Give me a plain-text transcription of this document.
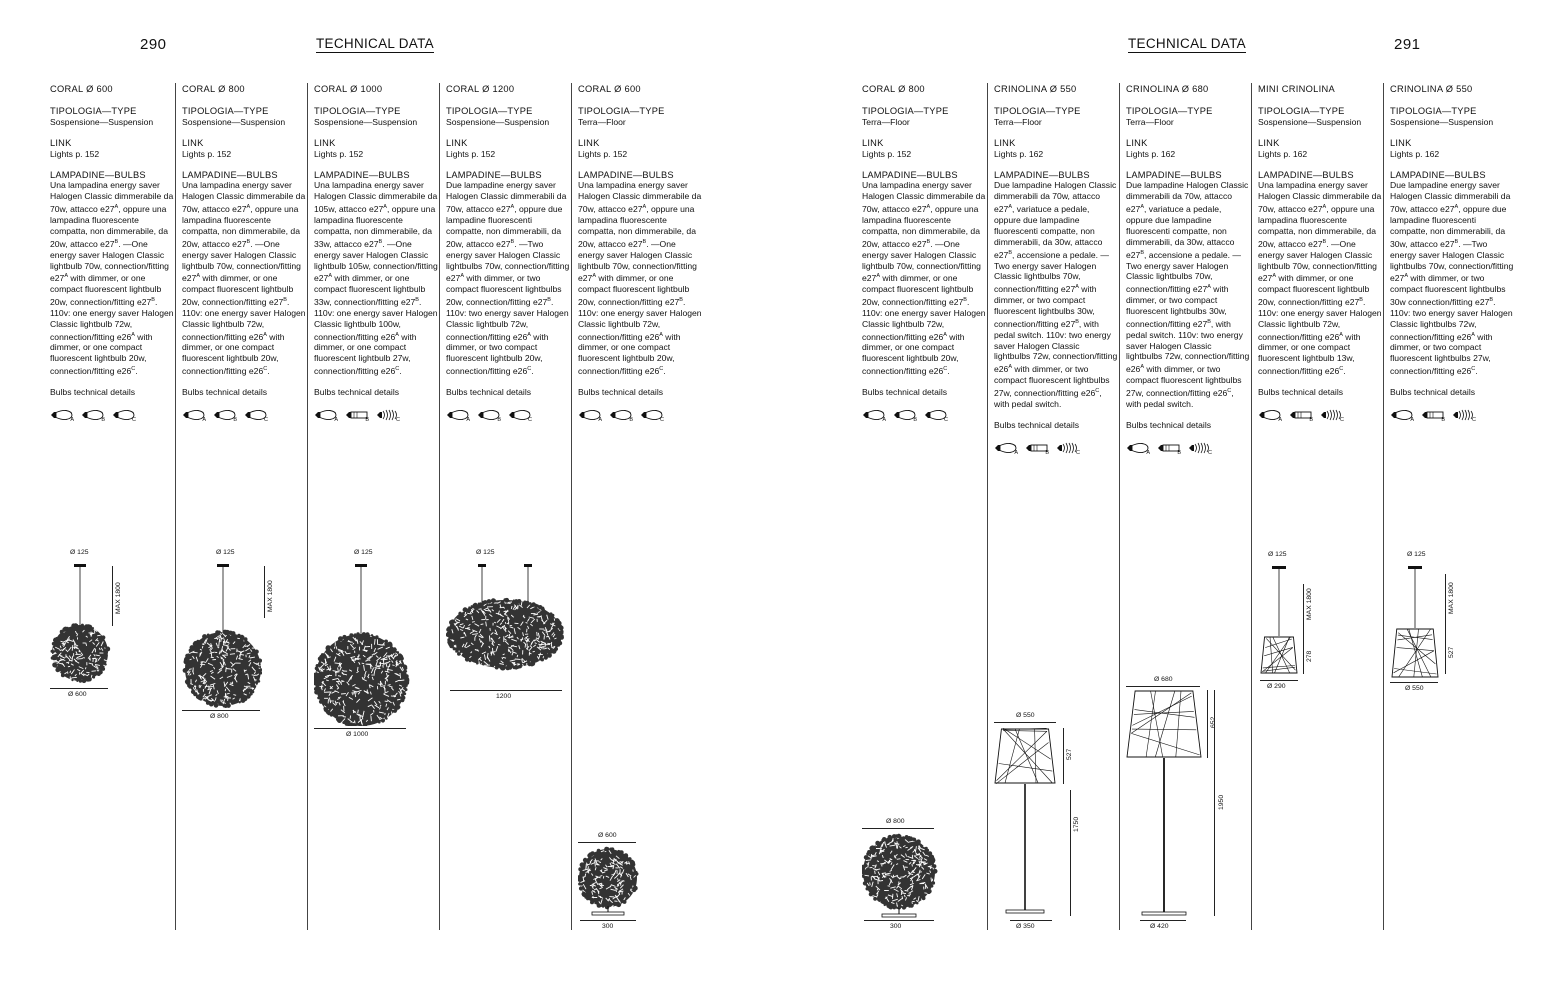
290	TECHNICAL DATA	TECHNICAL DATA	291
CORAL Ø 600
TIPOLOGIA—TYPE
Sospensione—Suspension
LINK
Lights p. 152
LAMPADINE—BULBS
Una lampadina energy saver Halogen Classic dimmerabile da 70w, attacco $e27^A$, oppure una lampadina fluorescente compatta, non dimmerabile, da 20w, attacco $e27^B$. —One energy saver Halogen Classic lightbulb 70w, connection/fitting $e27^A$ with dimmer, or one compact fluorescent lightbulb 20w, connection/fitting $e27^B$. 110v: one energy saver Halogen Classic lightbulb 72w, connection/fitting $e26^A$ with dimmer, or one compact fluorescent lightbulb 20w, connection/fitting $e26^C$.
Bulbs technical details
A	B	C
CORAL Ø 800
TIPOLOGIA—TYPE
Sospensione—Suspension
LINK
Lights p. 152
LAMPADINE—BULBS
Una lampadina energy saver Halogen Classic dimmerabile da 70w, attacco $e27^A$, oppure una lampadina fluorescente compatta, non dimmerabile, da 20w, attacco $e27^B$. —One energy saver Halogen Classic lightbulb 70w, connection/fitting $e27^A$ with dimmer, or one compact fluorescent lightbulb 20w, connection/fitting $e27^B$. 110v: one energy saver Halogen Classic lightbulb 72w, connection/fitting $e26^A$ with dimmer, or one compact fluorescent lightbulb 20w, connection/fitting $e26^C$.
Bulbs technical details
A	B	C
CORAL Ø 1000
TIPOLOGIA—TYPE
Sospensione—Suspension
LINK
Lights p. 152
LAMPADINE—BULBS
Una lampadina energy saver Halogen Classic dimmerabile da 105w, attacco $e27^A$, oppure una lampadina fluorescente compatta, non dimmerabile, da 33w, attacco $e27^B$. —One energy saver Halogen Classic lightbulb 105w, connection/fitting $e27^A$ with dimmer, or one compact fluorescent lightbulb 33w, connection/fitting $e27^B$. 110v: one energy saver Halogen Classic lightbulb 100w, connection/fitting $e26^A$ with dimmer, or one compact fluorescent lightbulb 27w, connection/fitting $e26^C$.
Bulbs technical details
A	B	C
CORAL Ø 1200
TIPOLOGIA—TYPE
Sospensione—Suspension
LINK
Lights p. 152
LAMPADINE—BULBS
Due lampadine energy saver Halogen Classic dimmerabili da 70w, attacco $e27^A$, oppure due lampadine fluorescenti compatte, non dimmerabili, da 20w, attacco $e27^B$. —Two energy saver Halogen Classic lightbulbs 70w, connection/fitting $e27^A$ with dimmer, or two compact fluorescent lightbulbs 20w, connection/fitting $e27^B$. 110v: two energy saver Halogen Classic lightbulb 72w, connection/fitting $e26^A$ with dimmer, or two compact fluorescent lightbulb 20w, connection/fitting $e26^C$.
Bulbs technical details
A	B	C
CORAL Ø 600
TIPOLOGIA—TYPE
Terra—Floor
LINK
Lights p. 152
LAMPADINE—BULBS
Una lampadina energy saver Halogen Classic dimmerabile da 70w, attacco $e27^A$, oppure una lampadina fluorescente compatta, non dimmerabile, da 20w, attacco $e27^B$. —One energy saver Halogen Classic lightbulb 70w, connection/fitting $e27^A$ with dimmer, or one compact fluorescent lightbulb 20w, connection/fitting $e27^B$. 110v: one energy saver Halogen Classic lightbulb 72w, connection/fitting $e26^A$ with dimmer, or one compact fluorescent lightbulb 20w, connection/fitting $e26^C$.
Bulbs technical details
A	B	C
CORAL Ø 800
TIPOLOGIA—TYPE
Terra—Floor
LINK
Lights p. 152
LAMPADINE—BULBS
Una lampadina energy saver Halogen Classic dimmerabile da 70w, attacco $e27^A$, oppure una lampadina fluorescente compatta, non dimmerabile, da 20w, attacco $e27^B$. —One energy saver Halogen Classic lightbulb 70w, connection/fitting $e27^A$ with dimmer, or one compact fluorescent lightbulb 20w, connection/fitting $e27^B$. 110v: one energy saver Halogen Classic lightbulb 72w, connection/fitting $e26^A$ with dimmer, or one compact fluorescent lightbulb 20w, connection/fitting $e26^C$.
Bulbs technical details
A	B	C
CRINOLINA Ø 550
TIPOLOGIA—TYPE
Terra—Floor
LINK
Lights p. 162
LAMPADINE—BULBS
Due lampadine Halogen Classic dimmerabili da 70w, attacco $e27^A$, variatuce a pedale, oppure due lampadine fluorescenti compatte, non dimmerabili, da 30w, attacco $e27^B$, accensione a pedale. —Two energy saver Halogen Classic lightbulbs 70w, connection/fitting $e27^A$ with dimmer, or two compact fluorescent lightbulbs 30w, connection/fitting $e27^B$, with pedal switch. 110v: two energy saver Halogen Classic lightbulbs 72w, connection/fitting $e26^A$ with dimmer, or two compact fluorescent lightbulbs 27w, connection/fitting $e26^C$, with pedal switch.
Bulbs technical details
A	B	C
CRINOLINA Ø 680
TIPOLOGIA—TYPE
Terra—Floor
LINK
Lights p. 162
LAMPADINE—BULBS
Due lampadine Halogen Classic dimmerabili da 70w, attacco $e27^A$, variatuce a pedale, oppure due lampadine fluorescenti compatte, non dimmerabili, da 30w, attacco $e27^B$, accensione a pedale. —Two energy saver Halogen Classic lightbulbs 70w, connection/fitting $e27^A$ with dimmer, or two compact fluorescent lightbulbs 30w, connection/fitting $e27^B$, with pedal switch. 110v: two energy saver Halogen Classic lightbulbs 72w, connection/fitting $e26^A$ with dimmer, or two compact fluorescent lightbulbs 27w, connection/fitting $e26^C$, with pedal switch.
Bulbs technical details
A	B	C
MINI CRINOLINA
TIPOLOGIA—TYPE
Sospensione—Suspension
LINK
Lights p. 162
LAMPADINE—BULBS
Una lampadina energy saver Halogen Classic dimmerabile da 70w, attacco $e27^A$, oppure una lampadina fluorescente compatta, non dimmerabile, da 20w, attacco $e27^B$. —One energy saver Halogen Classic lightbulb 70w, connection/fitting $e27^A$ with dimmer, or one compact fluorescent lightbulb 20w, connection/fitting $e27^B$. 110v: one energy saver Halogen Classic lightbulb 72w, connection/fitting $e26^A$ with dimmer, or one compact fluorescent lightbulb 13w, connection/fitting $e26^C$.
Bulbs technical details
A	B	C
CRINOLINA Ø 550
TIPOLOGIA—TYPE
Sospensione—Suspension
LINK
Lights p. 162
LAMPADINE—BULBS
Due lampadine energy saver Halogen Classic dimmerabili da 70w, attacco $e27^A$, oppure due lampadine fluorescenti compatte, non dimmerabili, da 30w, attacco $e27^B$. —Two energy saver Halogen Classic lightbulbs 70w, connection/fitting $e27^A$ with dimmer, or two compact fluorescent lightbulbs 30w connection/fitting $e27^B$. 110v: two energy saver Halogen Classic lightbulbs 72w, connection/fitting $e26^A$ with dimmer, or two compact fluorescent lightbulbs 27w, connection/fitting $e26^C$.
Bulbs technical details
A	B	C
Ø 125
MAX 1800
Ø 600
Ø 125
MAX 1800
Ø 800
Ø 125
Ø 1000
Ø 125
1200
Ø 600
300
Ø 800
300
Ø 550
527
1750
Ø 350
Ø 680
652
1950
Ø 420
Ø 125
MAX 1800
278
Ø 290
Ø 125
MAX 1800
527
Ø 550
